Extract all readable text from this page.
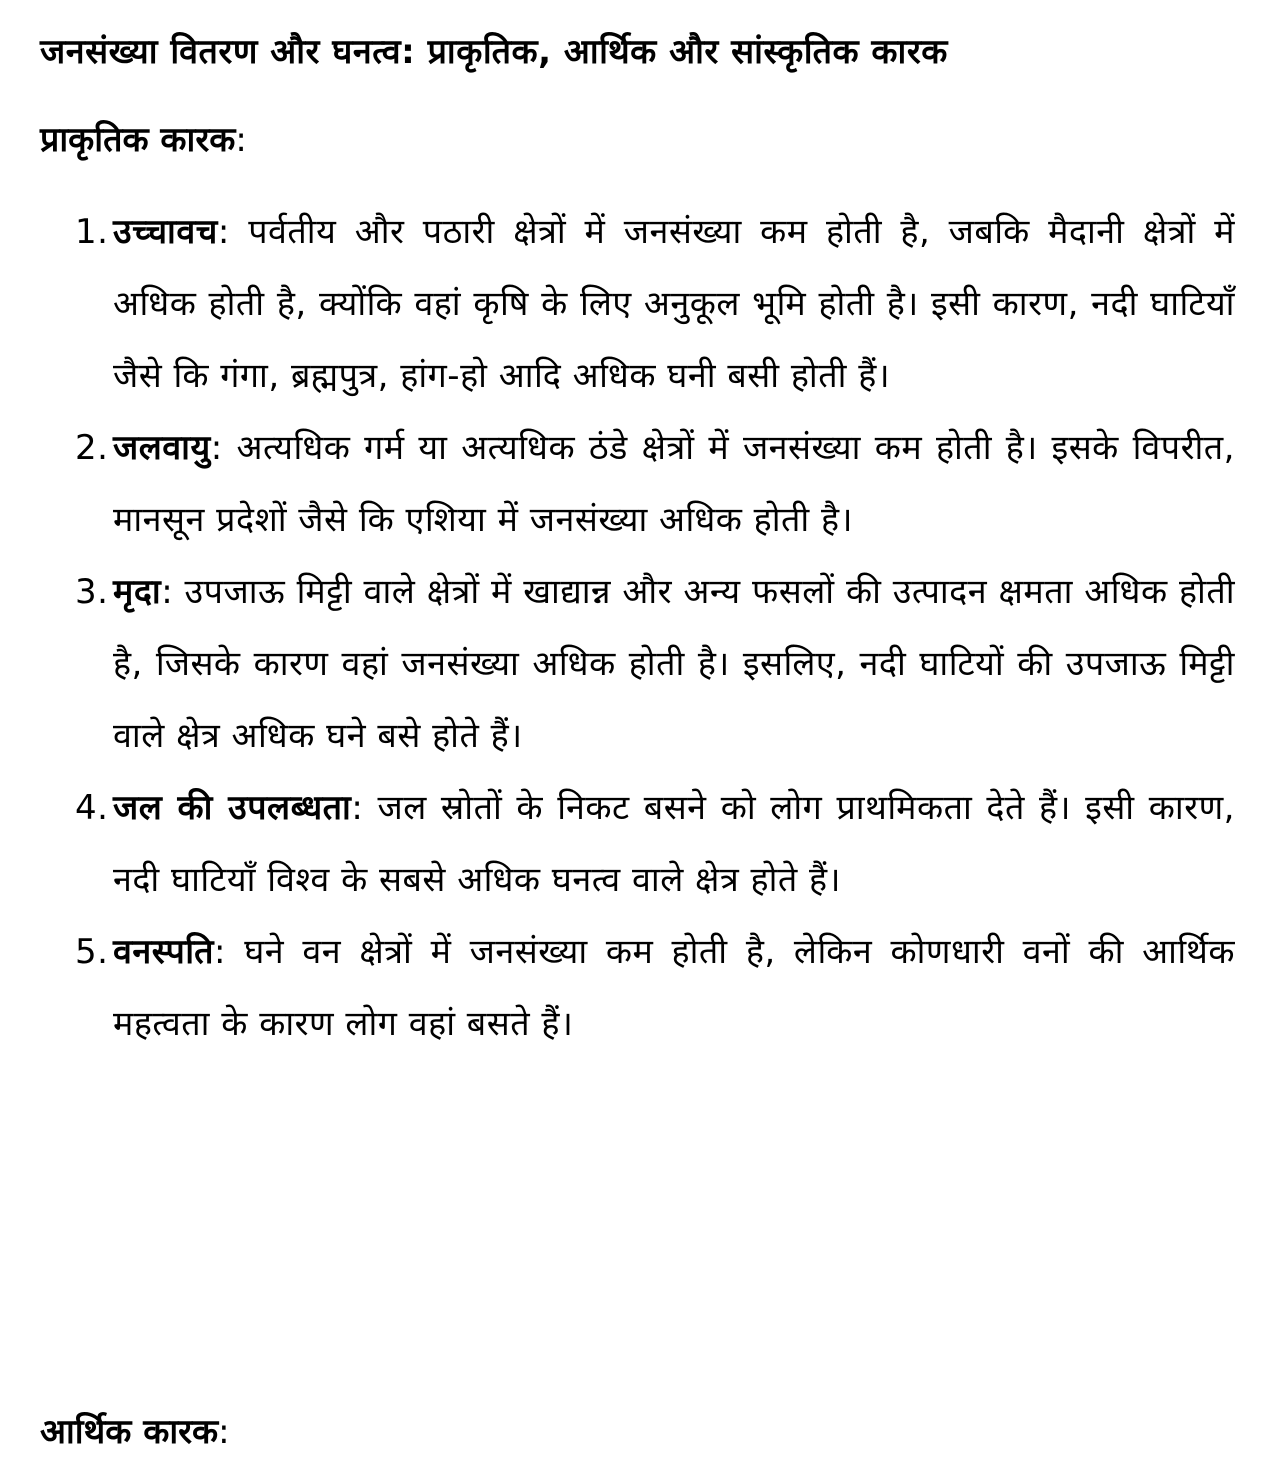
जनसंख्या वितरण और घनत्व: प्राकृतिक, आर्थिक और सांस्कृतिक कारक
प्राकृतिक कारक:
1. उच्चावच: पर्वतीय और पठारी क्षेत्रों में जनसंख्या कम होती है, जबकि मैदानी क्षेत्रों में अधिक होती है, क्योंकि वहां कृषि के लिए अनुकूल भूमि होती है। इसी कारण, नदी घाटियाँ जैसे कि गंगा, ब्रह्मपुत्र, हांग-हो आदि अधिक घनी बसी होती हैं।
2. जलवायु: अत्यधिक गर्म या अत्यधिक ठंडे क्षेत्रों में जनसंख्या कम होती है। इसके विपरीत, मानसून प्रदेशों जैसे कि एशिया में जनसंख्या अधिक होती है।
3. मृदा: उपजाऊ मिट्टी वाले क्षेत्रों में खाद्यान्न और अन्य फसलों की उत्पादन क्षमता अधिक होती है, जिसके कारण वहां जनसंख्या अधिक होती है। इसलिए, नदी घाटियों की उपजाऊ मिट्टी वाले क्षेत्र अधिक घने बसे होते हैं।
4. जल की उपलब्धता: जल स्रोतों के निकट बसने को लोग प्राथमिकता देते हैं। इसी कारण, नदी घाटियाँ विश्व के सबसे अधिक घनत्व वाले क्षेत्र होते हैं।
5. वनस्पति: घने वन क्षेत्रों में जनसंख्या कम होती है, लेकिन कोणधारी वनों की आर्थिक महत्वता के कारण लोग वहां बसते हैं।
आर्थिक कारक:
